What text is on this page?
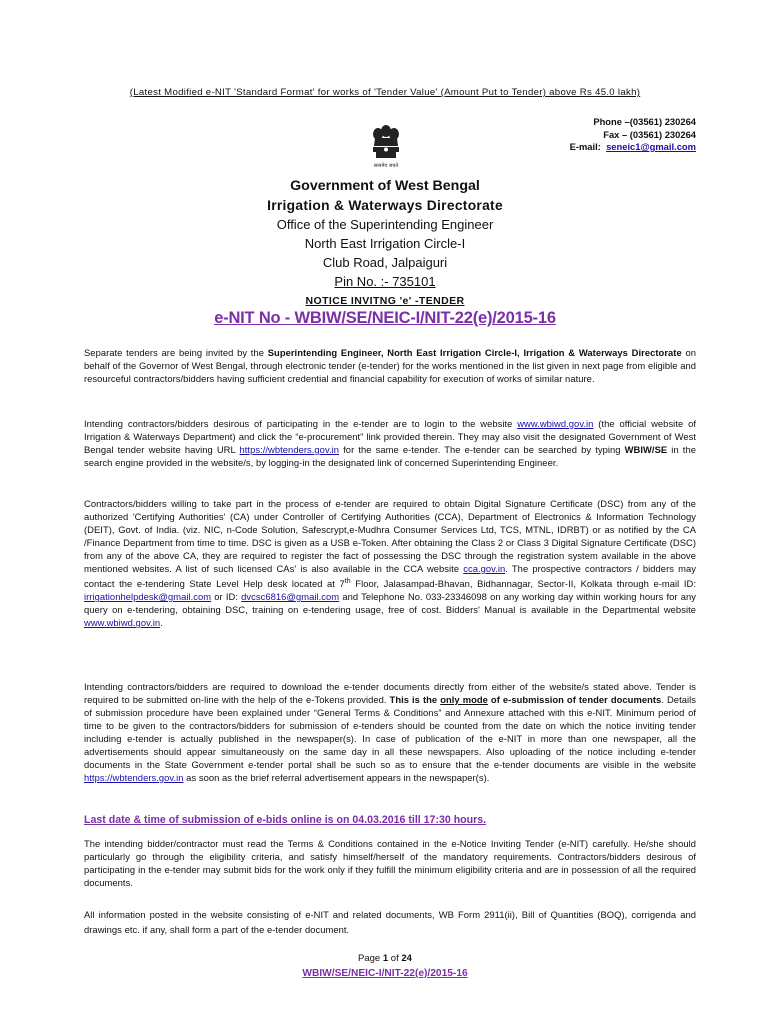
(Latest Modified e-NIT 'Standard Format' for works of 'Tender Value' (Amount Put to Tender) above Rs 45.0 lakh)
Phone –(03561) 230264
Fax – (03561) 230264
E-mail: seneic1@gmail.com
सत्यमेव जयते
Government of West Bengal
Irrigation & Waterways Directorate
Office of the Superintending Engineer
North East Irrigation Circle-I
Club Road, Jalpaiguri
Pin No. :- 735101
NOTICE INVITNG 'e' -TENDER
e-NIT No - WBIW/SE/NEIC-I/NIT-22(e)/2015-16
Separate tenders are being invited by the Superintending Engineer, North East Irrigation Circle-I, Irrigation & Waterways Directorate on behalf of the Governor of West Bengal, through electronic tender (e-tender) for the works mentioned in the list given in next page from eligible and resourceful contractors/bidders having sufficient credential and financial capability for execution of works of similar nature.
Intending contractors/bidders desirous of participating in the e-tender are to login to the website www.wbiwd.gov.in (the official website of Irrigation & Waterways Department) and click the “e-procurement” link provided therein. They may also visit the designated Government of West Bengal tender website having URL https://wbtenders.gov.in for the same e-tender. The e-tender can be searched by typing WBIW/SE in the search engine provided in the website/s, by logging-in the designated link of concerned Superintending Engineer.
Contractors/bidders willing to take part in the process of e-tender are required to obtain Digital Signature Certificate (DSC) from any of the authorized 'Certifying Authorities' (CA) under Controller of Certifying Authorities (CCA), Department of Electronics & Information Technology (DEIT), Govt. of India. (viz. NIC, n-Code Solution, Safescrypt,e-Mudhra Consumer Services Ltd, TCS, MTNL, IDRBT) or as notified by the CA /Finance Department from time to time. DSC is given as a USB e-Token. After obtaining the Class 2 or Class 3 Digital Signature Certificate (DSC) from any of the above CA, they are required to register the fact of possessing the DSC through the registration system available in the above mentioned websites. A list of such licensed CAs' is also available in the CCA website cca.gov.in. The prospective contractors / bidders may contact the e-tendering State Level Help desk located at 7th Floor, Jalasampad-Bhavan, Bidhannagar, Sector-II, Kolkata through e-mail ID: irrigationhelpdesk@gmail.com or ID: dvcsc6816@gmail.com and Telephone No. 033-23346098 on any working day within working hours for any query on e-tendering, obtaining DSC, training on e-tendering usage, free of cost. Bidders' Manual is available in the Departmental website www.wbiwd.gov.in.
Intending contractors/bidders are required to download the e-tender documents directly from either of the website/s stated above. Tender is required to be submitted on-line with the help of the e-Tokens provided. This is the only mode of e-submission of tender documents. Details of submission procedure have been explained under “General Terms & Conditions” and Annexure attached with this e-NIT. Minimum period of time to be given to the contractors/bidders for submission of e-tenders should be counted from the date on which the notice inviting tender including e-tender is actually published in the newspaper(s). In case of publication of the e-NIT in more than one newspaper, all the advertisements should appear simultaneously on the same day in all these newspapers. Also uploading of the notice including e-tender documents in the State Government e-tender portal shall be such so as to ensure that the e-tender documents are visible in the website https://wbtenders.gov.in as soon as the brief referral advertisement appears in the newspaper(s).
Last date & time of submission of e-bids online is on 04.03.2016 till 17:30 hours.
The intending bidder/contractor must read the Terms & Conditions contained in the e-Notice Inviting Tender (e-NIT) carefully. He/she should particularly go through the eligibility criteria, and satisfy himself/herself of the mandatory requirements. Contractors/bidders desirous of participating in the e-tender may submit bids for the work only if they fulfill the minimum eligibility criteria and are in possession of all the required documents.
All information posted in the website consisting of e-NIT and related documents, WB Form 2911(ii), Bill of Quantities (BOQ), corrigenda and drawings etc. if any, shall form a part of the e-tender document.
Page 1 of 24
WBIW/SE/NEIC-I/NIT-22(e)/2015-16
